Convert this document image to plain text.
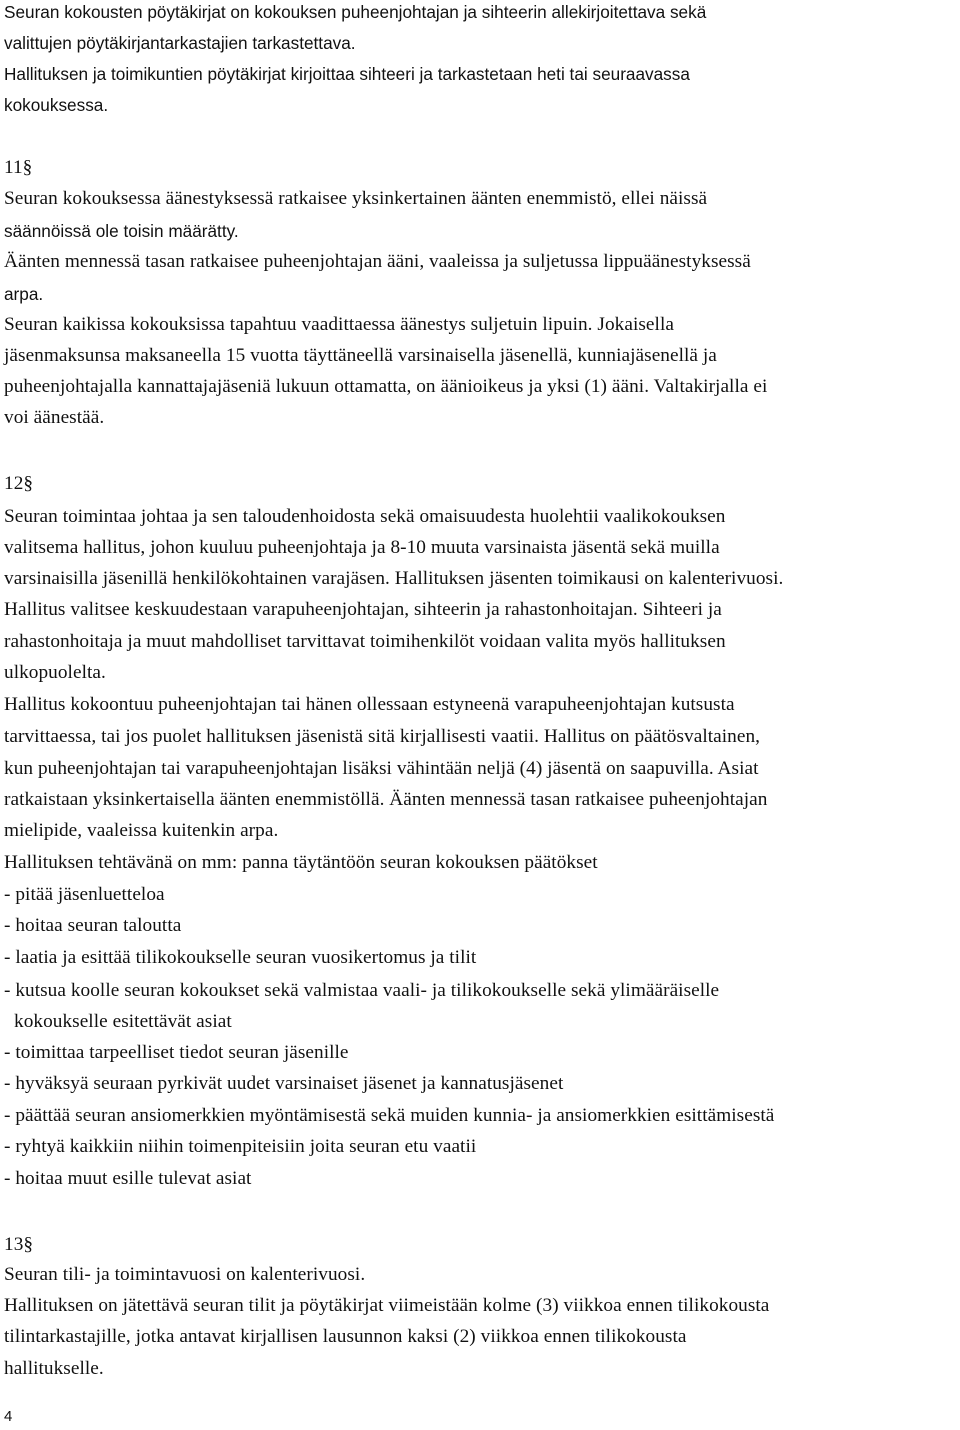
Seuran kokousten pöytäkirjat on kokouksen puheenjohtajan ja sihteerin allekirjoitettava sekä
valittujen pöytäkirjantarkastajien tarkastettava.
Hallituksen ja toimikuntien pöytäkirjat kirjoittaa sihteeri ja tarkastetaan heti tai seuraavassa
kokouksessa.
11§
Seuran kokouksessa äänestyksessä ratkaisee yksinkertainen äänten enemmistö, ellei näissä
säännöissä ole toisin määrätty.
Äänten mennessä tasan ratkaisee puheenjohtajan ääni, vaaleissa ja suljetussa lippuäänestyksessä
arpa.
Seuran kaikissa kokouksissa tapahtuu vaadittaessa äänestys suljetuin lipuin. Jokaisella
jäsenmaksunsa maksaneella 15 vuotta täyttäneellä varsinaisella jäsenellä, kunniajäsenellä ja
puheenjohtajalla kannattajajäseniä lukuun ottamatta, on äänioikeus ja yksi (1) ääni. Valtakirjalla ei
voi äänestää.
12§
Seuran toimintaa johtaa ja sen taloudenhoidosta sekä omaisuudesta huolehtii vaalikokouksen
valitsema hallitus, johon kuuluu puheenjohtaja ja 8-10 muuta varsinaista jäsentä sekä muilla
varsinaisilla jäsenillä henkilökohtainen varajäsen. Hallituksen jäsenten toimikausi on kalenterivuosi.
Hallitus valitsee keskuudestaan varapuheenjohtajan, sihteerin ja rahastonhoitajan. Sihteeri ja
rahastonhoitaja ja muut mahdolliset tarvittavat toimihenkilöt voidaan valita myös hallituksen
ulkopuolelta.
Hallitus kokoontuu puheenjohtajan tai hänen ollessaan estyneenä varapuheenjohtajan kutsusta
tarvittaessa, tai jos puolet hallituksen jäsenistä sitä kirjallisesti vaatii. Hallitus on päätösvaltainen,
kun puheenjohtajan tai varapuheenjohtajan lisäksi vähintään neljä (4) jäsentä on saapuvilla. Asiat
ratkaistaan yksinkertaisella äänten enemmistöllä. Äänten mennessä tasan ratkaisee puheenjohtajan
mielipide, vaaleissa kuitenkin arpa.
Hallituksen tehtävänä on mm: panna täytäntöön seuran kokouksen päätökset
- pitää jäsenluetteloa
- hoitaa seuran taloutta
- laatia ja esittää tilikokoukselle seuran vuosikertomus ja tilit
- kutsua koolle seuran kokoukset sekä valmistaa vaali- ja tilikokoukselle sekä ylimääräiselle
kokoukselle esitettävät asiat
- toimittaa tarpeelliset tiedot seuran jäsenille
- hyväksyä seuraan pyrkivät uudet varsinaiset jäsenet ja kannatusjäsenet
- päättää seuran ansiomerkkien myöntämisestä sekä muiden kunnia- ja ansiomerkkien esittämisestä
- ryhtyä kaikkiin niihin toimenpiteisiin joita seuran etu vaatii
- hoitaa muut esille tulevat asiat
13§
Seuran tili- ja toimintavuosi on kalenterivuosi.
Hallituksen on jätettävä seuran tilit ja pöytäkirjat viimeistään kolme (3) viikkoa ennen tilikokousta
tilintarkastajille, jotka antavat kirjallisen lausunnon kaksi (2) viikkoa ennen tilikokousta
hallitukselle.
4
